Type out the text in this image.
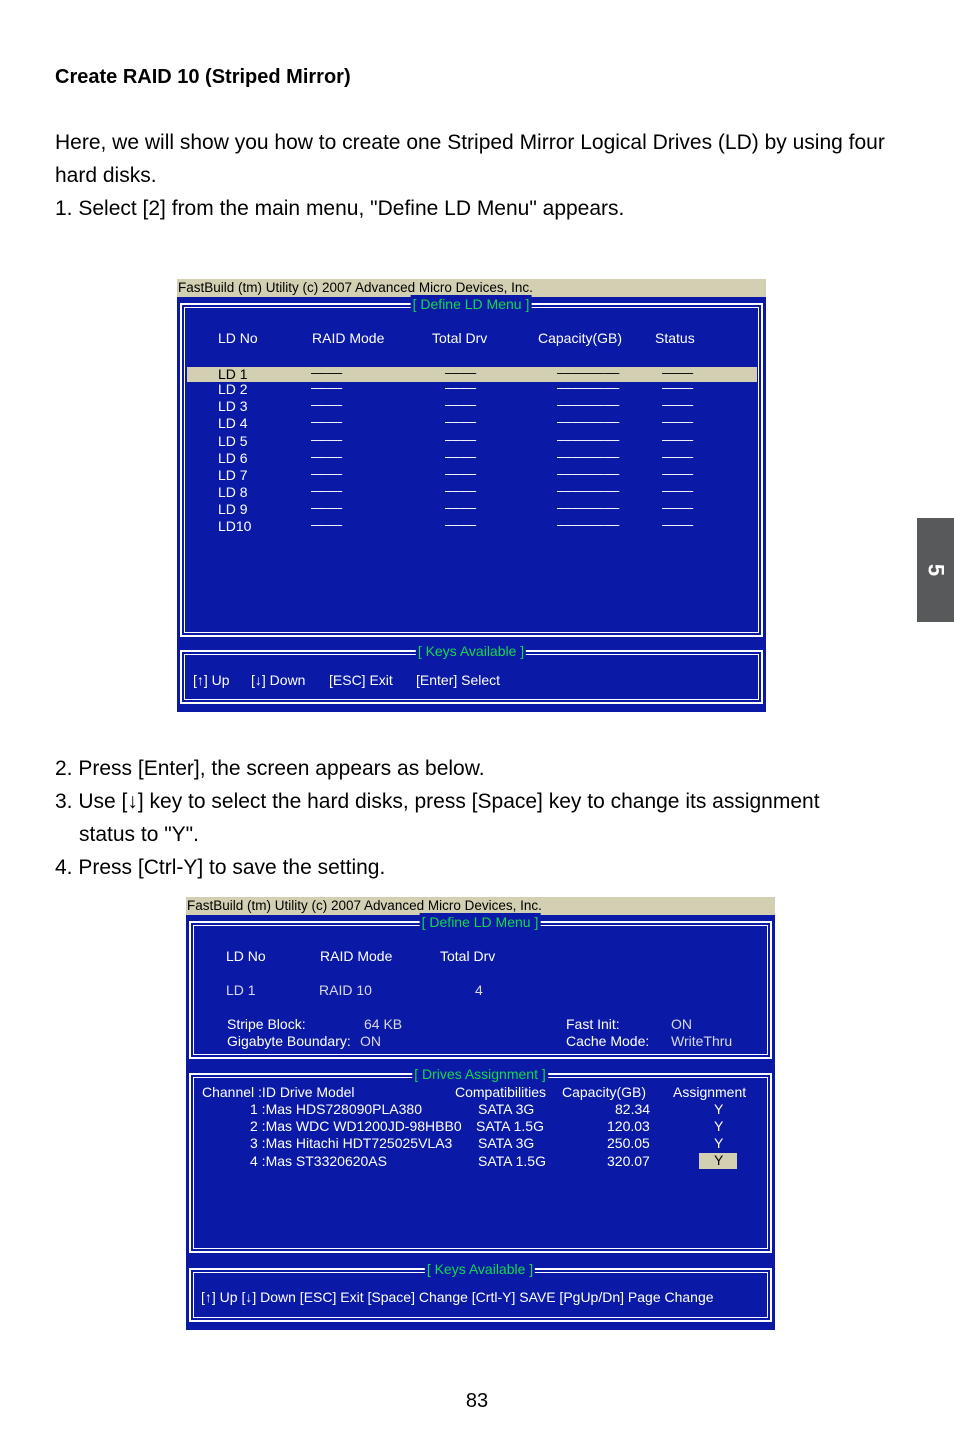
Create RAID 10 (Striped Mirror)
Here, we will show you how to create one Striped Mirror Logical Drives (LD) by using four hard disks.
1. Select [2] from the main menu, "Define LD Menu" appears.
FastBuild (tm) Utility (c) 2007 Advanced Micro Devices, Inc.
[ Define LD Menu ]
LD No	RAID Mode	Total Drv	Capacity(GB) Status
LD 1	––––	––––	––––––––	––––
LD 2	––––	––––	––––––––	––––
LD 3	––––	––––	––––––––	––––
LD 4	––––	––––	––––––––	––––
LD 5	––––	––––	––––––––	––––
LD 6	––––	––––	––––––––	––––
LD 7	––––	––––	––––––––	––––
LD 8	––––	––––	––––––––	––––
LD 9	––––	––––	––––––––	––––
LD10	––––	––––	––––––––	––––
[ Keys Available ]
[↑] Up [↓] Down [ESC] Exit [Enter] Select
2. Press [Enter], the screen appears as below.
3. Use [↓] key to select the hard disks, press [Space] key to change its assignment
status to "Y".
4. Press [Ctrl-Y] to save the setting.
FastBuild (tm) Utility (c) 2007 Advanced Micro Devices, Inc.
[ Define LD Menu ]
LD No	RAID Mode	Total Drv
LD 1	RAID 10	4
Stripe Block:	64 KB
Gigabyte Boundary: ON
Fast Init:	ON
Cache Mode: WriteThru
[ Drives Assignment ]
Channel :ID Drive Model	Compatibilities Capacity(GB) Assignment
1 :Mas HDS728090PLA380	SATA 3G	82.34	Y
2 :Mas WDC WD1200JD-98HBB0 SATA 1.5G	120.03	Y
3 :Mas Hitachi HDT725025VLA3 SATA 3G	250.05	Y
4 :Mas ST3320620AS	SATA 1.5G	320.07	Y
[ Keys Available ]
[↑] Up [↓] Down [ESC] Exit [Space] Change [Crtl-Y] SAVE [PgUp/Dn] Page Change
5
83
